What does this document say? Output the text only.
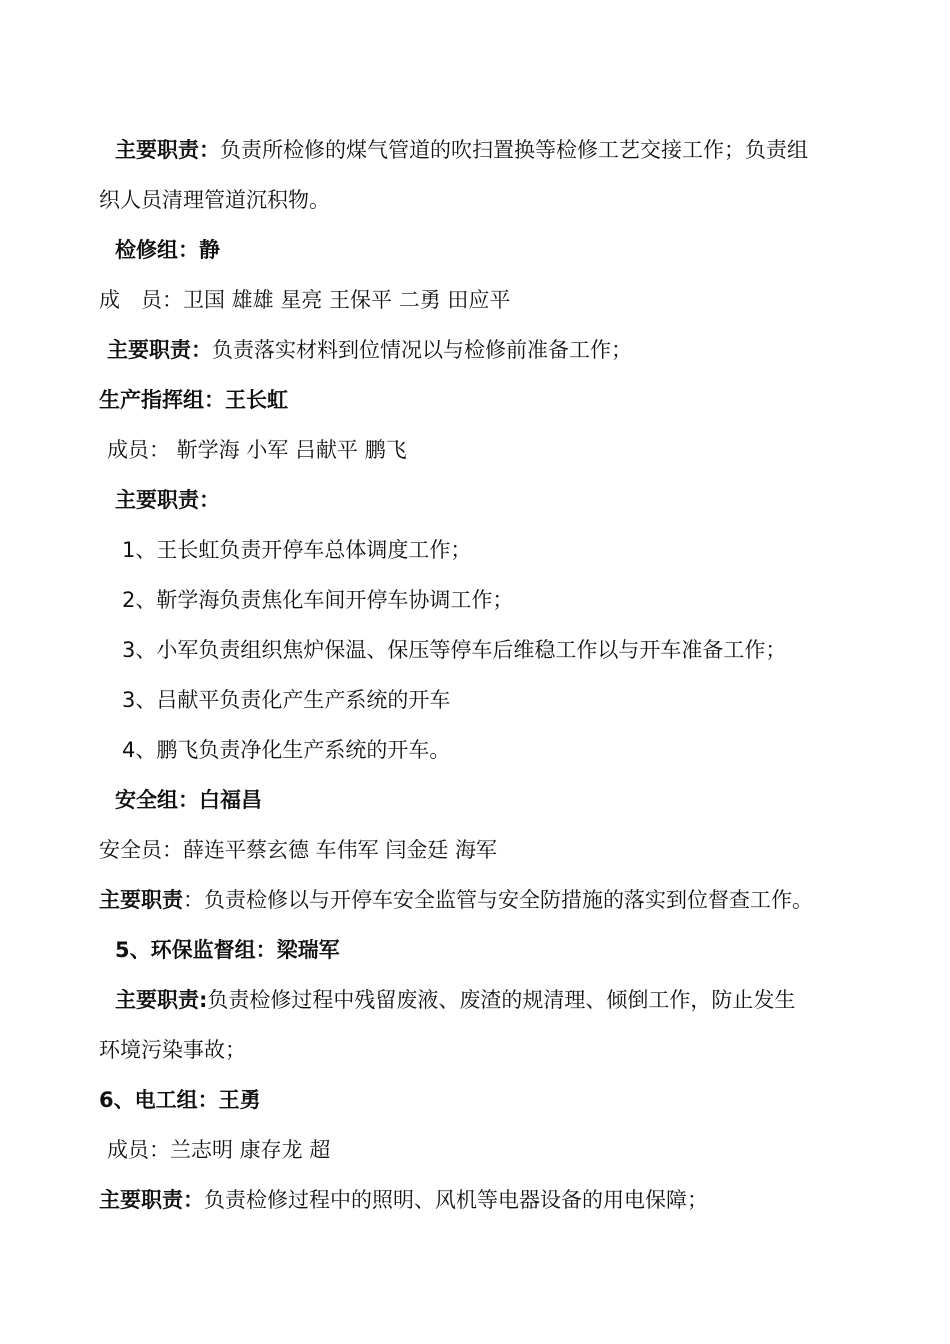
主要职责：负责所检修的煤气管道的吹扫置换等检修工艺交接工作；负责组
织人员清理管道沉积物。
检修组：静
成　员：卫国 雄雄 星亮 王保平 二勇 田应平
主要职责：负责落实材料到位情况以与检修前准备工作；
生产指挥组：王长虹
成员： 靳学海 小军 吕献平 鹏飞
主要职责：
1、王长虹负责开停车总体调度工作；
2、靳学海负责焦化车间开停车协调工作；
3、小军负责组织焦炉保温、保压等停车后维稳工作以与开车准备工作；
3、吕献平负责化产生产系统的开车
4、鹏飞负责净化生产系统的开车。
安全组：白福昌
安全员：薛连平蔡玄德 车伟军 闫金廷 海军
主要职责：负责检修以与开停车安全监管与安全防措施的落实到位督查工作。
5、环保监督组：梁瑞军
主要职责:负责检修过程中残留废液、废渣的规清理、倾倒工作，防止发生
环境污染事故；
6、电工组：王勇
成员：兰志明 康存龙 超
主要职责：负责检修过程中的照明、风机等电器设备的用电保障；
